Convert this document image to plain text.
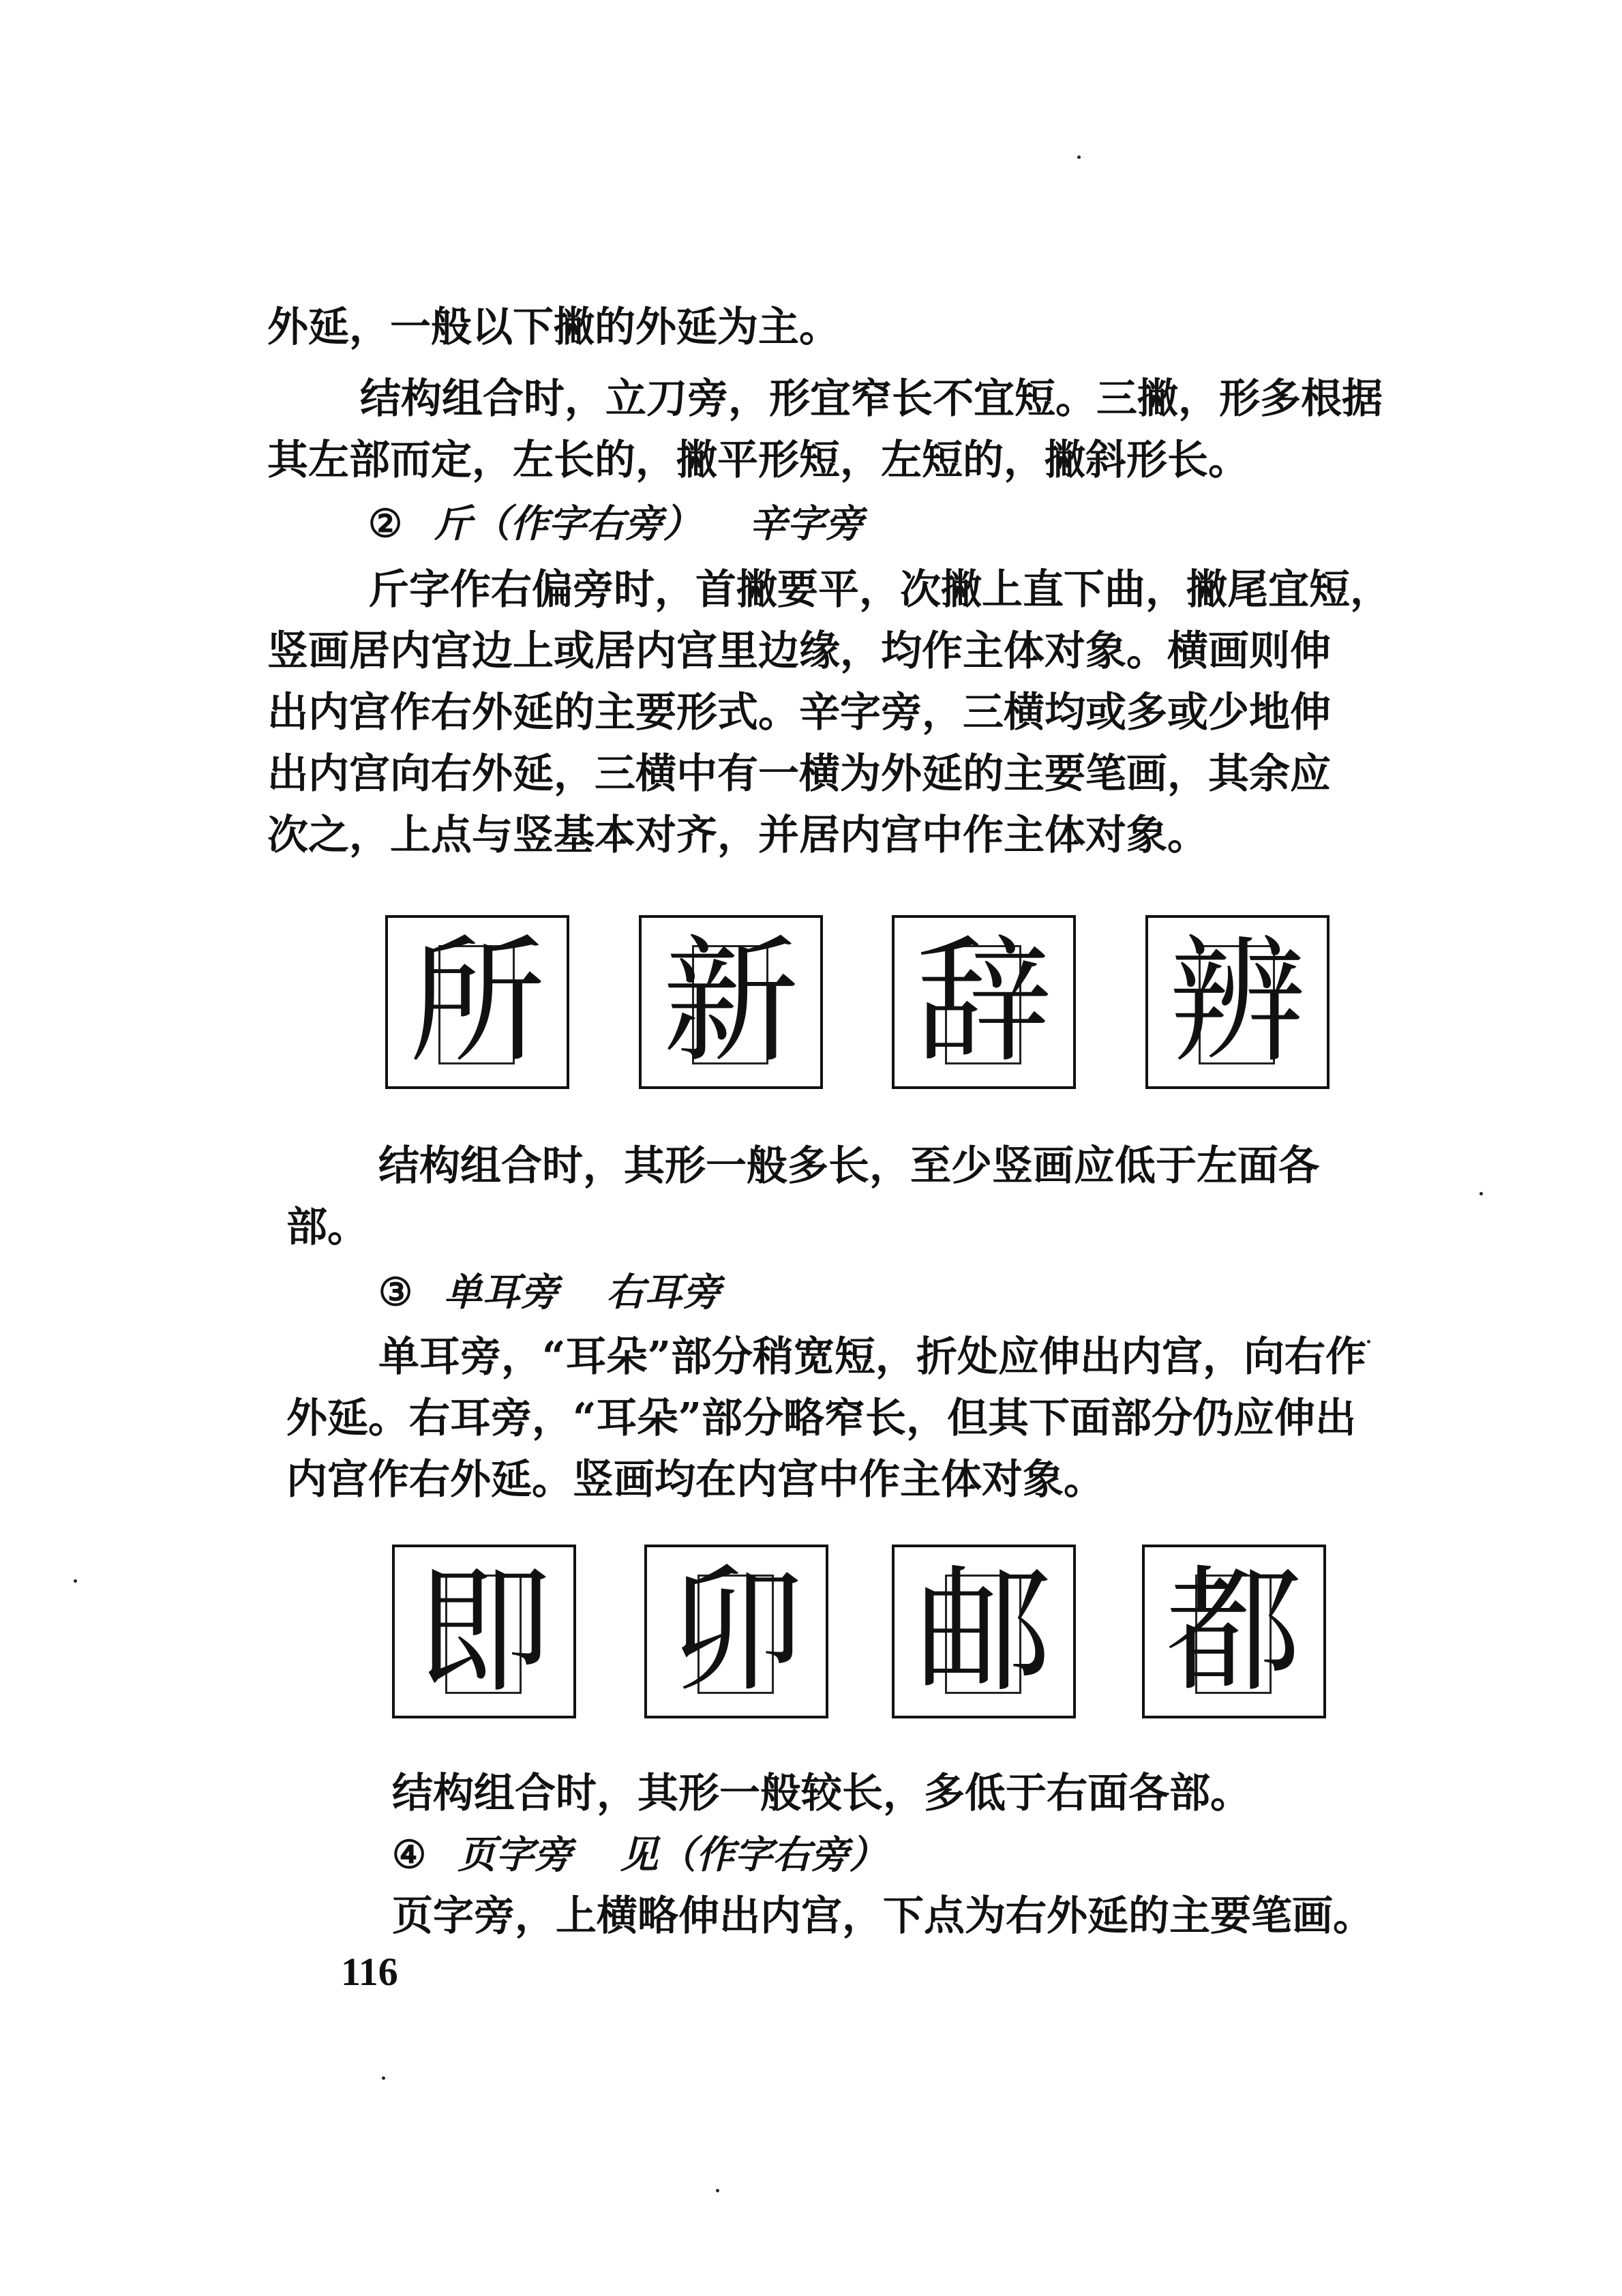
外延，一般以下撇的外延为主。
结构组合时，立刀旁，形宜窄长不宜短。三撇，形多根据
其左部而定，左长的，撇平形短，左短的，撇斜形长。
② 斤（作字右旁） 辛字旁
斤字作右偏旁时，首撇要平，次撇上直下曲，撇尾宜短，
竖画居内宫边上或居内宫里边缘，均作主体对象。横画则伸
出内宫作右外延的主要形式。辛字旁，三横均或多或少地伸
出内宫向右外延，三横中有一横为外延的主要笔画，其余应
次之，上点与竖基本对齐，并居内宫中作主体对象。
所 新 辞 辨
结构组合时，其形一般多长，至少竖画应低于左面各
部。
③ 单耳旁 右耳旁
单耳旁，“耳朵”部分稍宽短，折处应伸出内宫，向右作
外延。右耳旁，“耳朵”部分略窄长，但其下面部分仍应伸出
内宫作右外延。竖画均在内宫中作主体对象。
即 卯 邮 都
结构组合时，其形一般较长，多低于右面各部。
④ 页字旁 见（作字右旁）
页字旁，上横略伸出内宫，下点为右外延的主要笔画。
116
